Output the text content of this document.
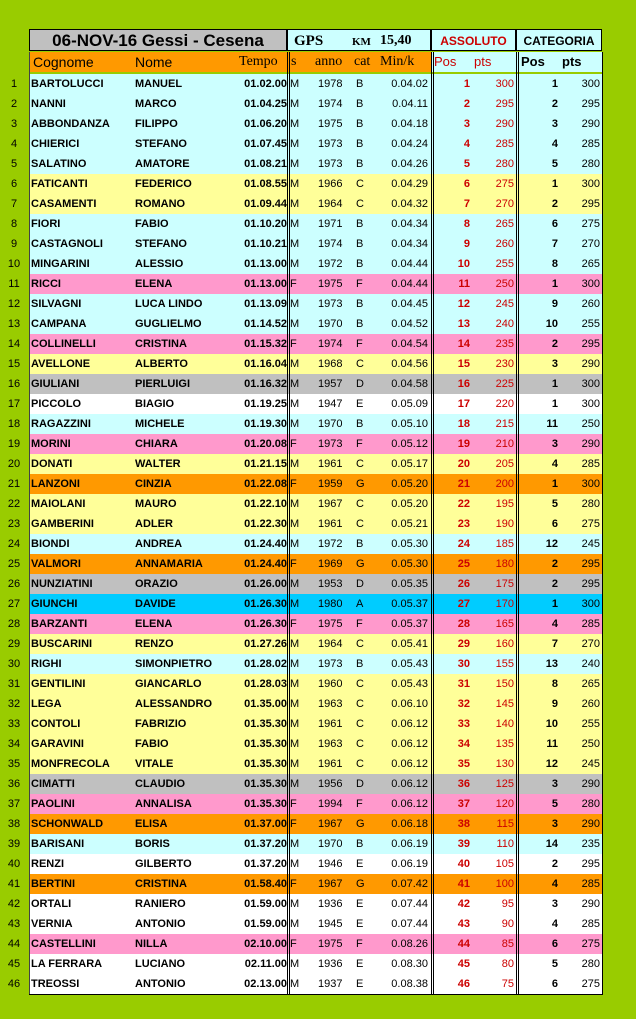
06-NOV-16 Gessi - Cesena	GPS	KM 15,40	ASSOLUTO	CATEGORIA
Cognome	Nome	Tempo s	anno cat Min/k	Pos	pts	Pos	pts
1	BARTOLUCCI	MANUEL	01.02.00 M	1978	B	0.04.02	1	300	1	300
2	NANNI	MARCO	01.04.25 M	1974	B	0.04.11	2	295	2	295
3	ABBONDANZA	FILIPPO	01.06.20 M	1975	B	0.04.18	3	290	3	290
4	CHIERICI	STEFANO	01.07.45 M	1973	B	0.04.24	4	285	4	285
5	SALATINO	AMATORE	01.08.21 M	1973	B	0.04.26	5	280	5	280
6	FATICANTI	FEDERICO	01.08.55 M	1966	C	0.04.29	6	275	1	300
7	CASAMENTI	ROMANO	01.09.44 M	1964	C	0.04.32	7	270	2	295
8	FIORI	FABIO	01.10.20 M	1971	B	0.04.34	8	265	6	275
9	CASTAGNOLI	STEFANO	01.10.21 M	1974	B	0.04.34	9	260	7	270
10 MINGARINI	ALESSIO	01.13.00 M	1972	B	0.04.44	10	255	8	265
11	RICCI	ELENA	01.13.00 F	1975	F	0.04.44	11	250	1	300
12 SILVAGNI	LUCA LINDO	01.13.09 M	1973	B	0.04.45	12	245	9	260
13 CAMPANA	GUGLIELMO	01.14.52 M	1970	B	0.04.52	13	240	10	255
14 COLLINELLI	CRISTINA	01.15.32 F	1974	F	0.04.54	14	235	2	295
15 AVELLONE	ALBERTO	01.16.04 M	1968	C	0.04.56	15	230	3	290
16 GIULIANI	PIERLUIGI	01.16.32 M	1957	D	0.04.58	16	225	1	300
17 PICCOLO	BIAGIO	01.19.25 M	1947	E	0.05.09	17	220	1	300
18 RAGAZZINI	MICHELE	01.19.30 M	1970	B	0.05.10	18	215	11	250
19 MORINI	CHIARA	01.20.08 F	1973	F	0.05.12	19	210	3	290
20 DONATI	WALTER	01.21.15 M	1961	C	0.05.17	20	205	4	285
21 LANZONI	CINZIA	01.22.08 F	1959	G	0.05.20	21	200	1	300
22 MAIOLANI	MAURO	01.22.10 M	1967	C	0.05.20	22	195	5	280
23 GAMBERINI	ADLER	01.22.30 M	1961	C	0.05.21	23	190	6	275
24 BIONDI	ANDREA	01.24.40 M	1972	B	0.05.30	24	185	12	245
25 VALMORI	ANNAMARIA	01.24.40 F	1969	G	0.05.30	25	180	2	295
26 NUNZIATINI	ORAZIO	01.26.00 M	1953	D	0.05.35	26	175	2	295
27 GIUNCHI	DAVIDE	01.26.30 M	1980	A	0.05.37	27	170	1	300
28 BARZANTI	ELENA	01.26.30 F	1975	F	0.05.37	28	165	4	285
29 BUSCARINI	RENZO	01.27.26 M	1964	C	0.05.41	29	160	7	270
30 RIGHI	SIMONPIETRO	01.28.02 M	1973	B	0.05.43	30	155	13	240
31 GENTILINI	GIANCARLO	01.28.03 M	1960	C	0.05.43	31	150	8	265
32 LEGA	ALESSANDRO	01.35.00 M	1963	C	0.06.10	32	145	9	260
33 CONTOLI	FABRIZIO	01.35.30 M	1961	C	0.06.12	33	140	10	255
34 GARAVINI	FABIO	01.35.30 M	1963	C	0.06.12	34	135	11	250
35 MONFRECOLA	VITALE	01.35.30 M	1961	C	0.06.12	35	130	12	245
36 CIMATTI	CLAUDIO	01.35.30 M	1956	D	0.06.12	36	125	3	290
37 PAOLINI	ANNALISA	01.35.30 F	1994	F	0.06.12	37	120	5	280
38 SCHONWALD	ELISA	01.37.00 F	1967	G	0.06.18	38	115	3	290
39 BARISANI	BORIS	01.37.20 M	1970	B	0.06.19	39	110	14	235
40 RENZI	GILBERTO	01.37.20 M	1946	E	0.06.19	40	105	2	295
41 BERTINI	CRISTINA	01.58.40 F	1967	G	0.07.42	41	100	4	285
42 ORTALI	RANIERO	01.59.00 M	1936	E	0.07.44	42	95	3	290
43 VERNIA	ANTONIO	01.59.00 M	1945	E	0.07.44	43	90	4	285
44 CASTELLINI	NILLA	02.10.00 F	1975	F	0.08.26	44	85	6	275
45 LA FERRARA	LUCIANO	02.11.00 M	1936	E	0.08.30	45	80	5	280
46 TREOSSI	ANTONIO	02.13.00 M	1937	E	0.08.38	46	75	6	275
